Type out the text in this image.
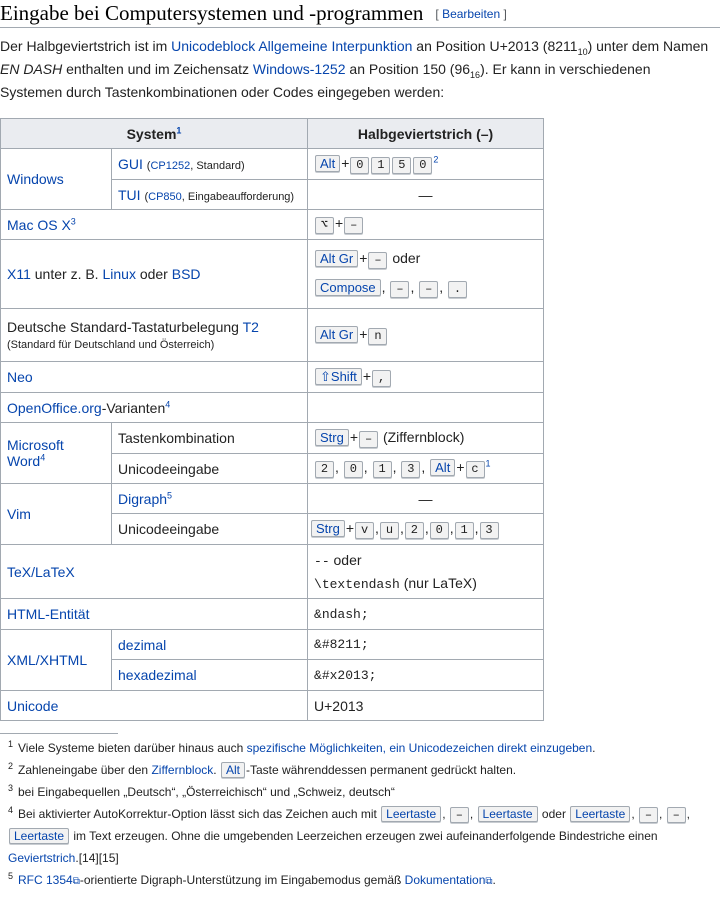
Eingabe bei Computersystemen und -programmen [ Bearbeiten ]

Der Halbgeviertstrich ist im Unicodeblock Allgemeine Interpunktion an Position U+2013 $(8211_{10})$ unter dem Namen EN DASH enthalten und im Zeichensatz Windows-1252 an Position 150 $(96_{16})$. Er kann in verschiedenen Systemen durch Tastenkombinationen oder Codes eingegeben werden:

System$^1$		Halbgeviertstrich (–)
Windows	GUI (CP1252, Standard)	Alt + 0 1 5 0 $^2$
	TUI (CP850, Eingabeaufforderung)	—
Mac OS $X^3$		⌥ + –
X11 unter z. B. Linux oder BSD		Alt Gr + – oder
Compose , – , – , .

Deutsche Standard-Tastaturbelegung T2
(Standard für Deutschland und Österreich)		Alt Gr + n
Neo		⇧Shift + ,
OpenOffice.org-Varianten$^4$	
Microsoft Word$^4$	Tastenkombination	Strg + – (Ziffernblock)
	Unicodeeingabe	2 , 0 , 1 , 3 , Alt + c $^1$
Vim	Digraph$^5$	—
	Unicodeeingabe	Strg + v , u , 2 , 0 , 1 , 3
TeX/LaTeX		-- oder
\textendash (nur LaTeX)

HTML-Entität		&ndash;
XML/XHTML	dezimal	&#8211;
	hexadezimal	&#x2013;
Unicode		U+2013
1 Viele Systeme bieten darüber hinaus auch spezifische Möglichkeiten, ein Unicodezeichen direkt einzugeben.
2 Zahleneingabe über den Ziffernblock. Alt -Taste währenddessen permanent gedrückt halten.
3 bei Eingabequellen „Deutsch“, „Österreichisch“ und „Schweiz, deutsch“
4 Bei aktivierter AutoKorrektur-Option lässt sich das Zeichen auch mit Leertaste , – , Leertaste oder Leertaste , – , – , Leertaste im Text erzeugen. Ohne die umgebenden Leerzeichen erzeugen zwei aufeinanderfolgende Bindestriche einen Geviertstrich.[14][15]
5 RFC 1354⧉-orientierte Digraph-Unterstützung im Eingabemodus gemäß Dokumentation⧉.
